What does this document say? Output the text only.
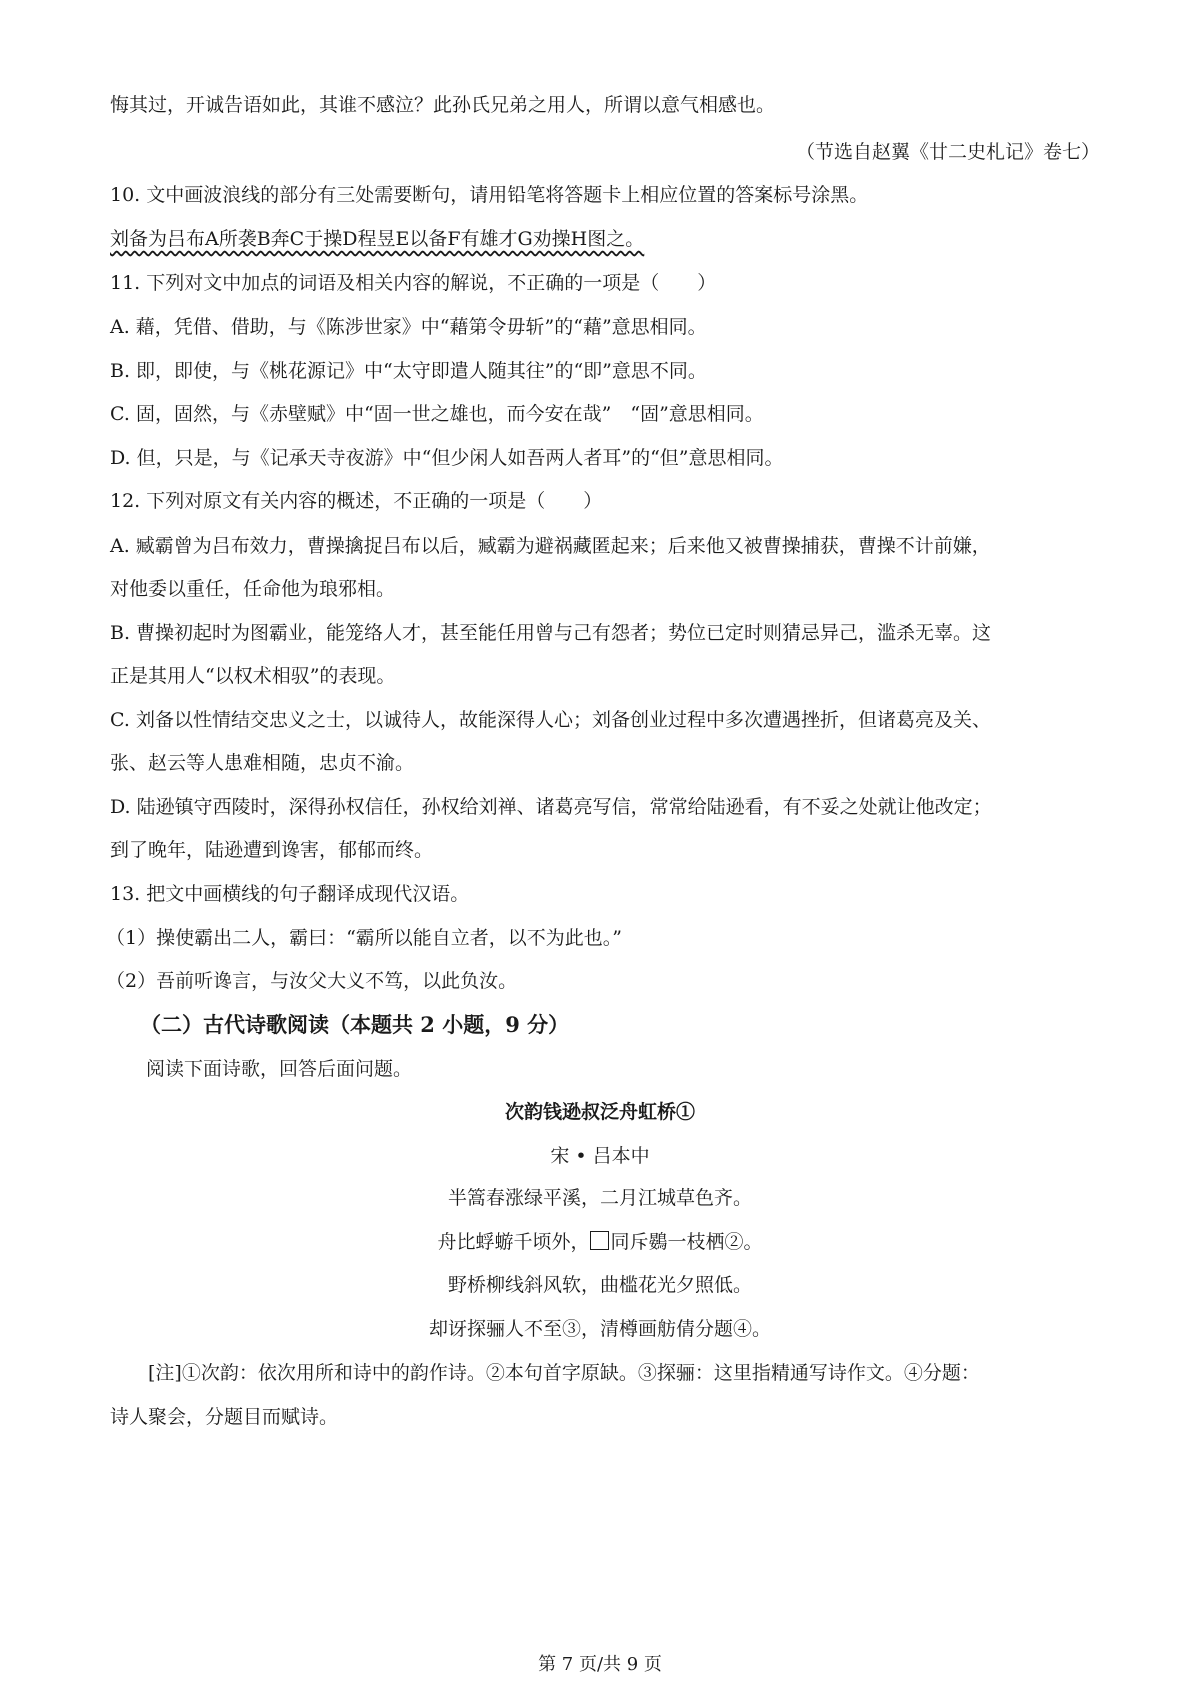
悔其过，开诚告语如此，其谁不感泣？此孙氏兄弟之用人，所谓以意气相感也。
（节选自赵翼《廿二史札记》卷七）
10. 文中画波浪线的部分有三处需要断句，请用铅笔将答题卡上相应位置的答案标号涂黑。
刘备为吕布A所袭B奔C于操D程昱E以备F有雄才G劝操H图之。
11. 下列对文中加点的词语及相关内容的解说，不正确的一项是（　　）
A. 藉，凭借、借助，与《陈涉世家》中“藉第令毋斩”的“藉”意思相同。
B. 即，即使，与《桃花源记》中“太守即遣人随其往”的“即”意思不同。
C. 固，固然，与《赤壁赋》中“固一世之雄也，而今安在哉”　“固”意思相同。
D. 但，只是，与《记承天寺夜游》中“但少闲人如吾两人者耳”的“但”意思相同。
12. 下列对原文有关内容的概述，不正确的一项是（　　）
A. 臧霸曾为吕布效力，曹操擒捉吕布以后，臧霸为避祸藏匿起来；后来他又被曹操捕获，曹操不计前嫌，
对他委以重任，任命他为琅邪相。
B. 曹操初起时为图霸业，能笼络人才，甚至能任用曾与己有怨者；势位已定时则猜忌异己，滥杀无辜。这
正是其用人“以权术相驭”的表现。
C. 刘备以性情结交忠义之士，以诚待人，故能深得人心；刘备创业过程中多次遭遇挫折，但诸葛亮及关、
张、赵云等人患难相随，忠贞不渝。
D. 陆逊镇守西陵时，深得孙权信任，孙权给刘禅、诸葛亮写信，常常给陆逊看，有不妥之处就让他改定；
到了晚年，陆逊遭到谗害，郁郁而终。
13. 把文中画横线的句子翻译成现代汉语。
（1）操使霸出二人，霸曰：“霸所以能自立者，以不为此也。”
（2）吾前听谗言，与汝父大义不笃，以此负汝。
（二）古代诗歌阅读（本题共 2 小题，9 分）
阅读下面诗歌，回答后面问题。
次韵钱逊叔泛舟虹桥①
宋 • 吕本中
半篙春涨绿平溪，二月江城草色齐。
舟比蜉蝣千顷外， 同斥鷃一枝栖②。
野桥柳线斜风软，曲槛花光夕照低。
却讶探骊人不至③，清樽画舫倩分题④。
[注]①次韵：依次用所和诗中的韵作诗。②本句首字原缺。③探骊：这里指精通写诗作文。④分题：
诗人聚会，分题目而赋诗。
第 7 页/共 9 页
